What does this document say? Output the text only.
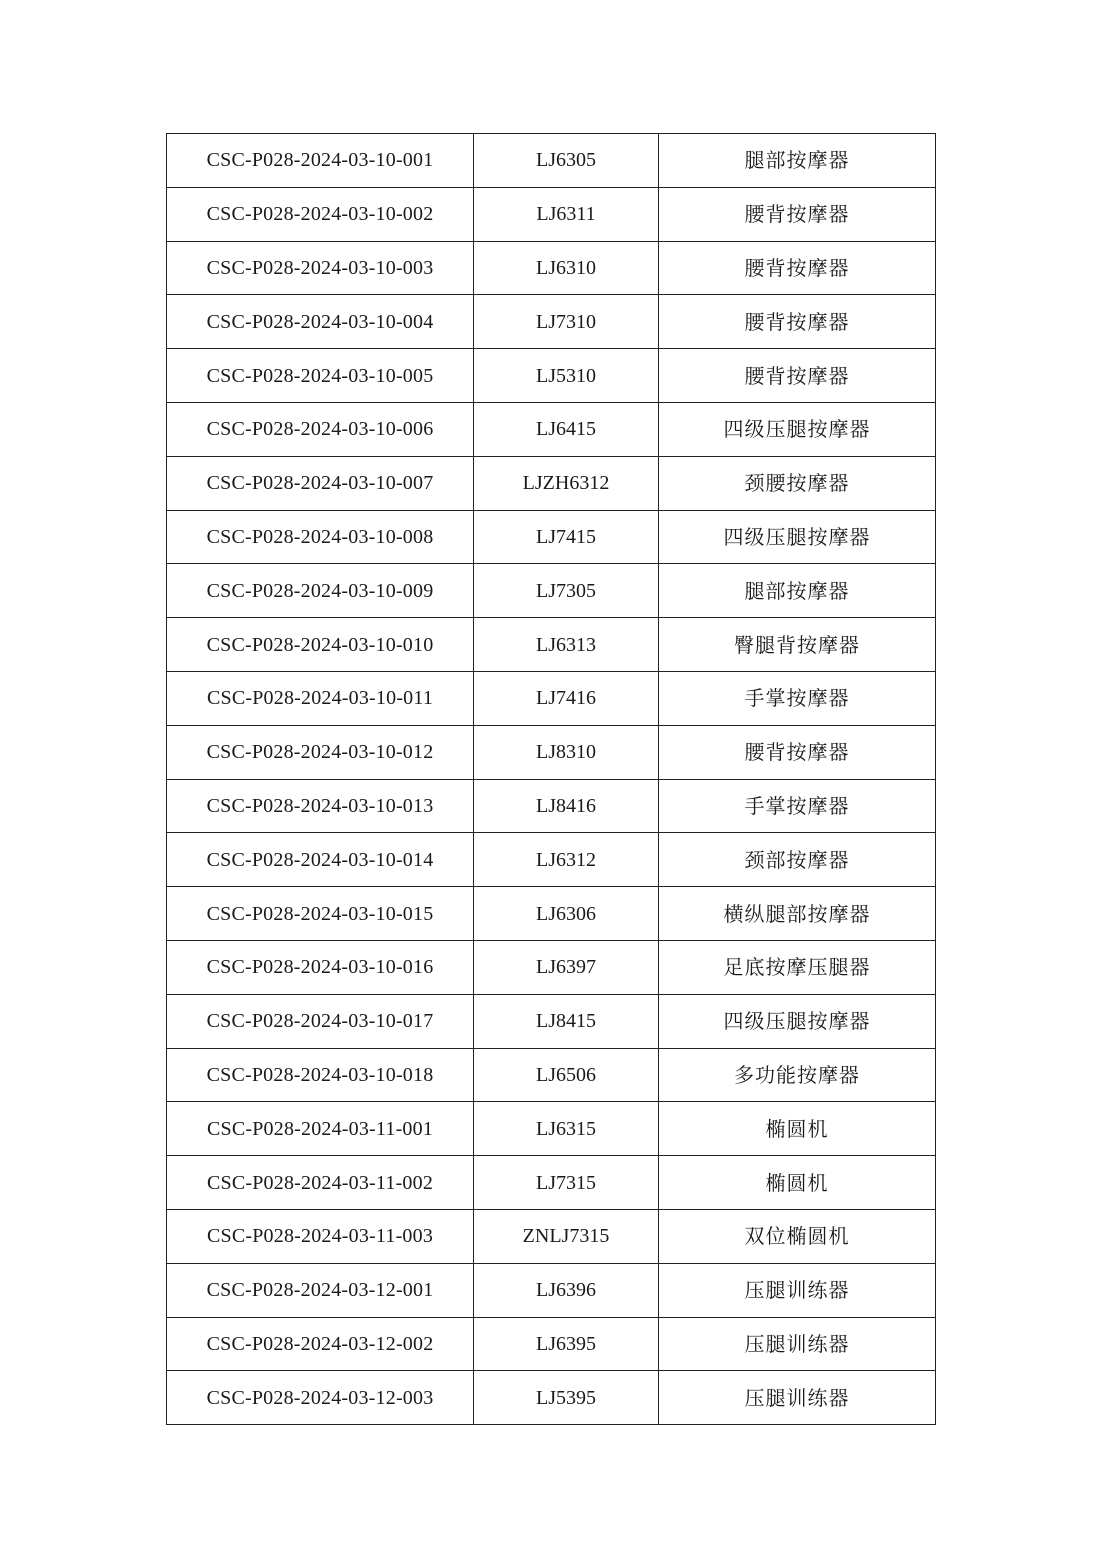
CSC-P028-2024-03-10-001	LJ6305	腿部按摩器
CSC-P028-2024-03-10-002	LJ6311	腰背按摩器
CSC-P028-2024-03-10-003	LJ6310	腰背按摩器
CSC-P028-2024-03-10-004	LJ7310	腰背按摩器
CSC-P028-2024-03-10-005	LJ5310	腰背按摩器
CSC-P028-2024-03-10-006	LJ6415	四级压腿按摩器
CSC-P028-2024-03-10-007	LJZH6312	颈腰按摩器
CSC-P028-2024-03-10-008	LJ7415	四级压腿按摩器
CSC-P028-2024-03-10-009	LJ7305	腿部按摩器
CSC-P028-2024-03-10-010	LJ6313	臀腿背按摩器
CSC-P028-2024-03-10-011	LJ7416	手掌按摩器
CSC-P028-2024-03-10-012	LJ8310	腰背按摩器
CSC-P028-2024-03-10-013	LJ8416	手掌按摩器
CSC-P028-2024-03-10-014	LJ6312	颈部按摩器
CSC-P028-2024-03-10-015	LJ6306	横纵腿部按摩器
CSC-P028-2024-03-10-016	LJ6397	足底按摩压腿器
CSC-P028-2024-03-10-017	LJ8415	四级压腿按摩器
CSC-P028-2024-03-10-018	LJ6506	多功能按摩器
CSC-P028-2024-03-11-001	LJ6315	椭圆机
CSC-P028-2024-03-11-002	LJ7315	椭圆机
CSC-P028-2024-03-11-003	ZNLJ7315	双位椭圆机
CSC-P028-2024-03-12-001	LJ6396	压腿训练器
CSC-P028-2024-03-12-002	LJ6395	压腿训练器
CSC-P028-2024-03-12-003	LJ5395	压腿训练器
